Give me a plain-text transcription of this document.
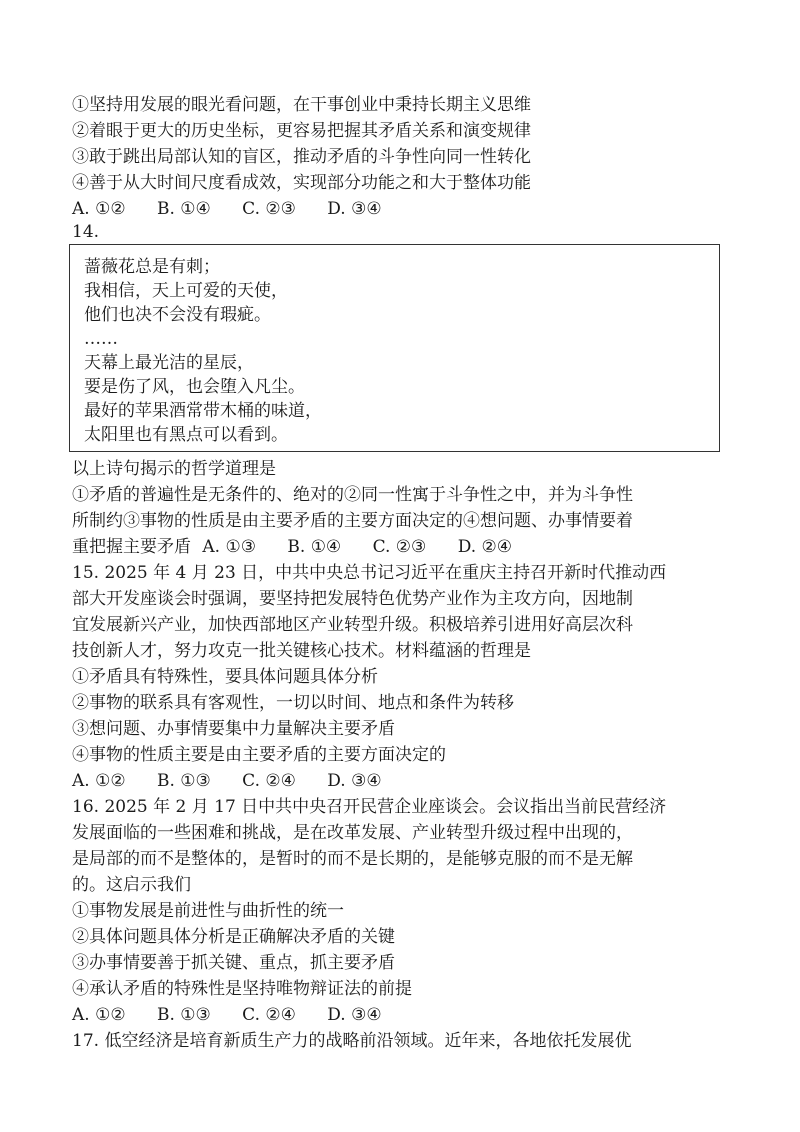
①坚持用发展的眼光看问题，在干事创业中秉持长期主义思维
②着眼于更大的历史坐标，更容易把握其矛盾关系和演变规律
③敢于跳出局部认知的盲区，推动矛盾的斗争性向同一性转化
④善于从大时间尺度看成效，实现部分功能之和大于整体功能
A. ①② B. ①④ C. ②③ D. ③④
14.
蔷薇花总是有刺；
我相信，天上可爱的天使，
他们也决不会没有瑕疵。
……
天幕上最光洁的星辰，
要是伤了风，也会堕入凡尘。
最好的苹果酒常带木桶的味道，
太阳里也有黑点可以看到。
以上诗句揭示的哲学道理是
①矛盾的普遍性是无条件的、绝对的②同一性寓于斗争性之中，并为斗争性
所制约③事物的性质是由主要矛盾的主要方面决定的④想问题、办事情要着
重把握主要矛盾 A. ①③ B. ①④ C. ②③ D. ②④
15. 2025 年 4 月 23 日，中共中央总书记习近平在重庆主持召开新时代推动西
部大开发座谈会时强调，要坚持把发展特色优势产业作为主攻方向，因地制
宜发展新兴产业，加快西部地区产业转型升级。积极培养引进用好高层次科
技创新人才，努力攻克一批关键核心技术。材料蕴涵的哲理是
①矛盾具有特殊性，要具体问题具体分析
②事物的联系具有客观性，一切以时间、地点和条件为转移
③想问题、办事情要集中力量解决主要矛盾
④事物的性质主要是由主要矛盾的主要方面决定的
A. ①② B. ①③ C. ②④ D. ③④
16. 2025 年 2 月 17 日中共中央召开民营企业座谈会。会议指出当前民营经济
发展面临的一些困难和挑战，是在改革发展、产业转型升级过程中出现的，
是局部的而不是整体的，是暂时的而不是长期的，是能够克服的而不是无解
的。这启示我们
①事物发展是前进性与曲折性的统一
②具体问题具体分析是正确解决矛盾的关键
③办事情要善于抓关键、重点，抓主要矛盾
④承认矛盾的特殊性是坚持唯物辩证法的前提
A. ①② B. ①③ C. ②④ D. ③④
17. 低空经济是培育新质生产力的战略前沿领域。近年来，各地依托发展优
